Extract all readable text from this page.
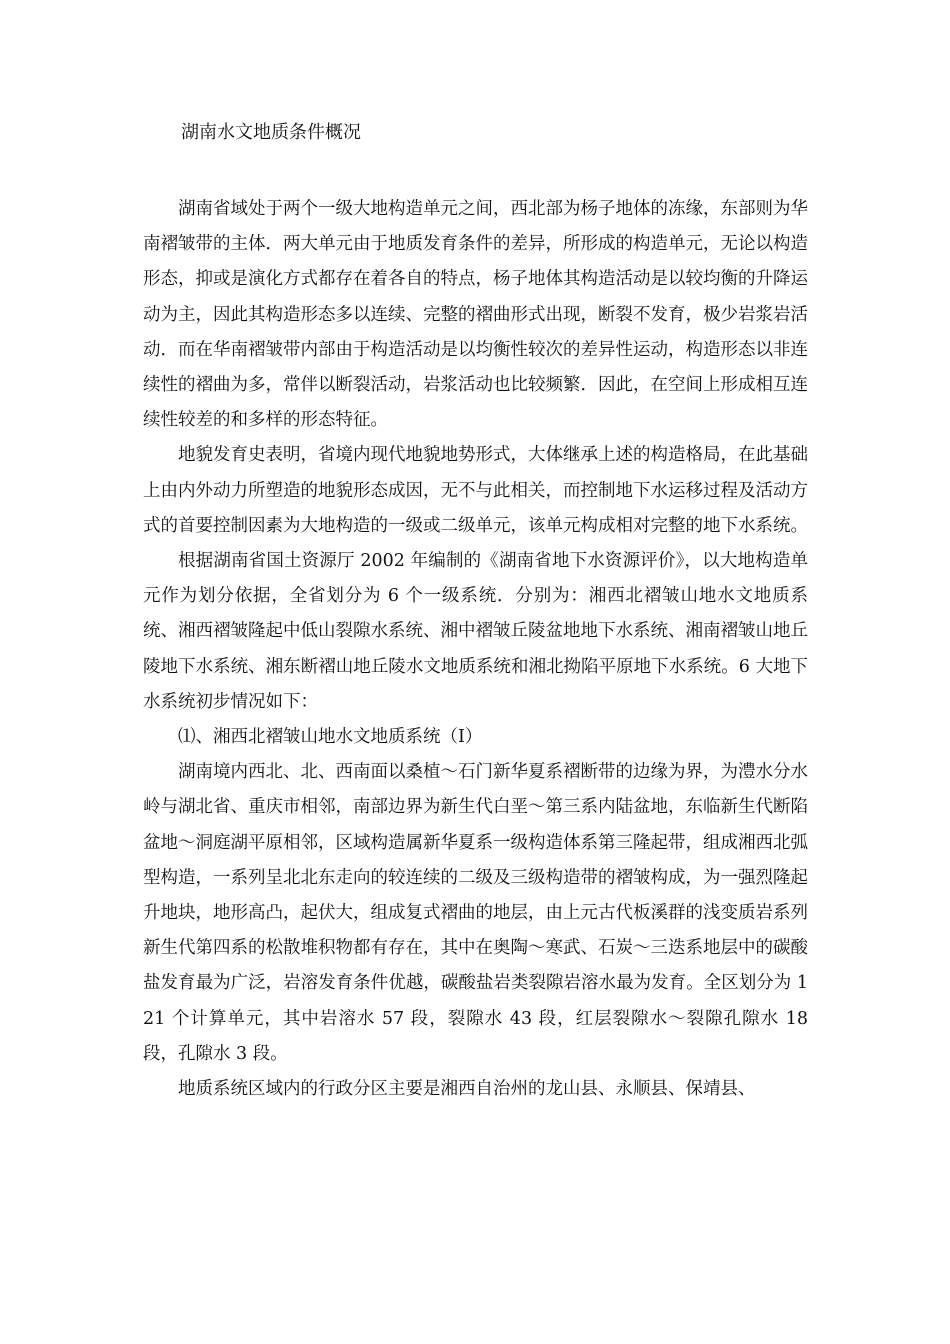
湖南水文地质条件概况

湖南省域处于两个一级大地构造单元之间，西北部为杨子地体的冻缘，东部则为华南褶皱带的主体．两大单元由于地质发育条件的差异，所形成的构造单元，无论以构造形态，抑或是演化方式都存在着各自的特点，杨子地体其构造活动是以较均衡的升降运动为主，因此其构造形态多以连续、完整的褶曲形式出现，断裂不发育，极少岩浆岩活动．而在华南褶皱带内部由于构造活动是以均衡性较次的差异性运动，构造形态以非连续性的褶曲为多，常伴以断裂活动，岩浆活动也比较频繁．因此，在空间上形成相互连续性较差的和多样的形态特征。

地貌发育史表明，省境内现代地貌地势形式，大体继承上述的构造格局，在此基础上由内外动力所塑造的地貌形态成因，无不与此相关，而控制地下水运移过程及活动方式的首要控制因素为大地构造的一级或二级单元，该单元构成相对完整的地下水系统。

根据湖南省国土资源厅 2002 年编制的《湖南省地下水资源评价》，以大地构造单元作为划分依据，全省划分为 6 个一级系统．分别为：湘西北褶皱山地水文地质系统、湘西褶皱隆起中低山裂隙水系统、湘中褶皱丘陵盆地地下水系统、湘南褶皱山地丘陵地下水系统、湘东断褶山地丘陵水文地质系统和湘北拗陷平原地下水系统。6 大地下水系统初步情况如下：

⑴、湘西北褶皱山地水文地质系统（Ⅰ）

湖南境内西北、北、西南面以桑植～石门新华夏系褶断带的边缘为界，为澧水分水岭与湖北省、重庆市相邻，南部边界为新生代白垩～第三系内陆盆地，东临新生代断陷盆地～洞庭湖平原相邻，区域构造属新华夏系一级构造体系第三隆起带，组成湘西北弧型构造，一系列呈北北东走向的较连续的二级及三级构造带的褶皱构成，为一强烈隆起升地块，地形高凸，起伏大，组成复式褶曲的地层，由上元古代板溪群的浅变质岩系列新生代第四系的松散堆积物都有存在，其中在奥陶～寒武、石炭～三迭系地层中的碳酸盐发育最为广泛，岩溶发育条件优越，碳酸盐岩类裂隙岩溶水最为发育。全区划分为 121 个计算单元，其中岩溶水 57 段，裂隙水 43 段，红层裂隙水～裂隙孔隙水 18 段，孔隙水 3 段。

地质系统区域内的行政分区主要是湘西自治州的龙山县、永顺县、保靖县、
